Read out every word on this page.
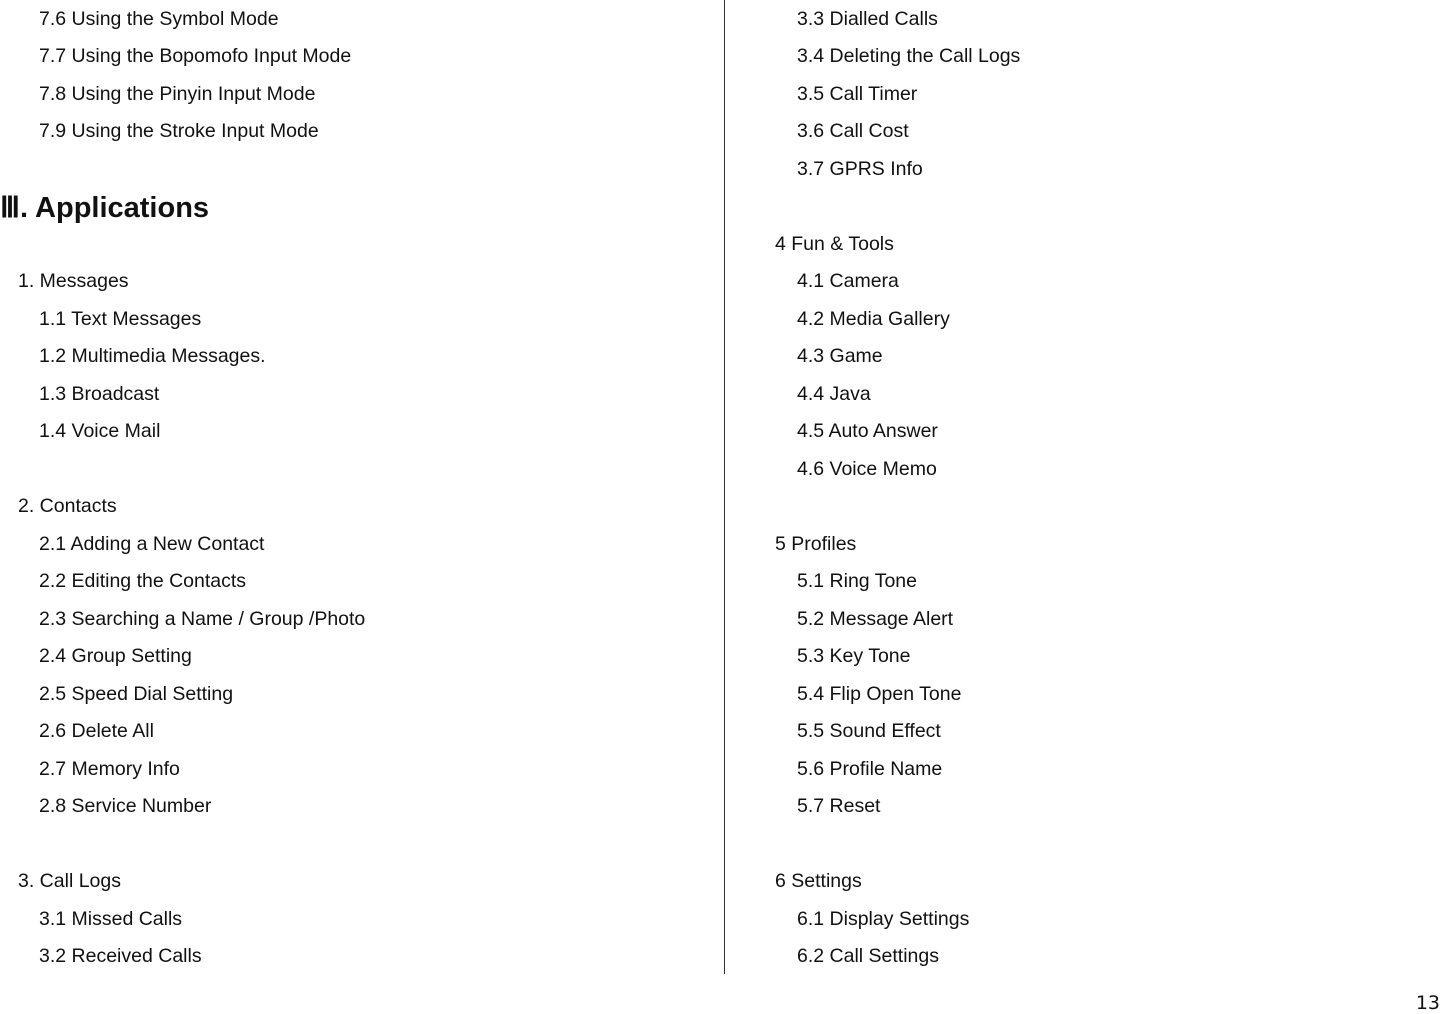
7.6 Using the Symbol Mode
7.7 Using the Bopomofo Input Mode
7.8 Using the Pinyin Input Mode
7.9 Using the Stroke Input Mode
Ⅲ. Applications
1. Messages
1.1 Text Messages
1.2 Multimedia Messages.
1.3 Broadcast
1.4 Voice Mail
2. Contacts
2.1 Adding a New Contact
2.2 Editing the Contacts
2.3 Searching a Name / Group /Photo
2.4 Group Setting
2.5 Speed Dial Setting
2.6 Delete All
2.7 Memory Info
2.8 Service Number
3. Call Logs
3.1 Missed Calls
3.2 Received Calls
3.3 Dialled Calls
3.4 Deleting the Call Logs
3.5 Call Timer
3.6 Call Cost
3.7 GPRS Info
4 Fun & Tools
4.1 Camera
4.2 Media Gallery
4.3 Game
4.4 Java
4.5 Auto Answer
4.6 Voice Memo
5 Profiles
5.1 Ring Tone
5.2 Message Alert
5.3 Key Tone
5.4 Flip Open Tone
5.5 Sound Effect
5.6 Profile Name
5.7 Reset
6 Settings
6.1 Display Settings
6.2 Call Settings
13
